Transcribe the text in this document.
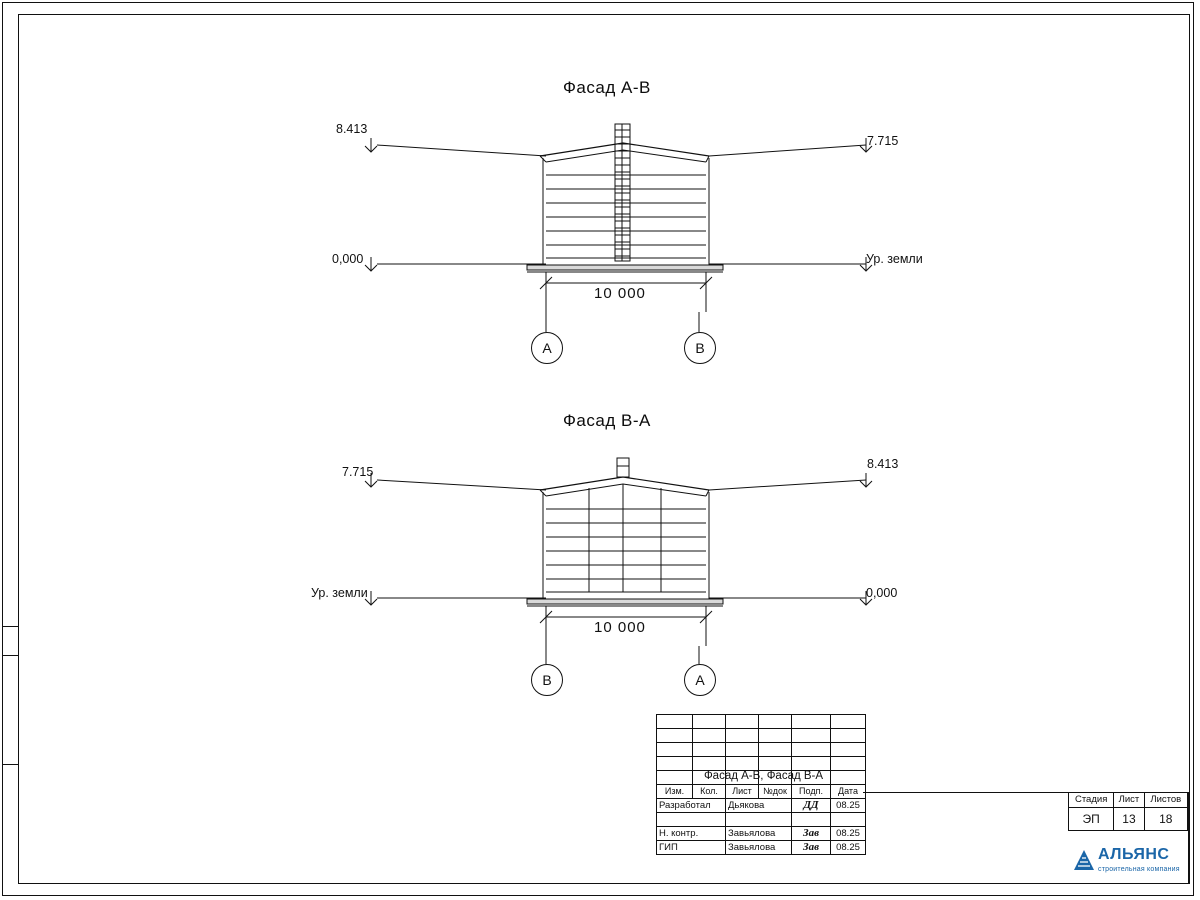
Фасад А-В
8.413
7.715
0,000	Ур. земли
10 000
А	В
Фасад В-А
7.715
8.413
Ур. земли	0,000
10 000
В	А

Изм.	Кол.	Лист	№док	Подп.	Дата
Разработал		Дьякова		ДД	08.25

Н. контр.		Завьялова		Зав	08.25
ГИП		Завьялова		Зав	08.25
Фасад А-В, Фасад В-А
Стадия	Лист	Листов
ЭП	13	18
АЛЬЯНС
строительная компания
